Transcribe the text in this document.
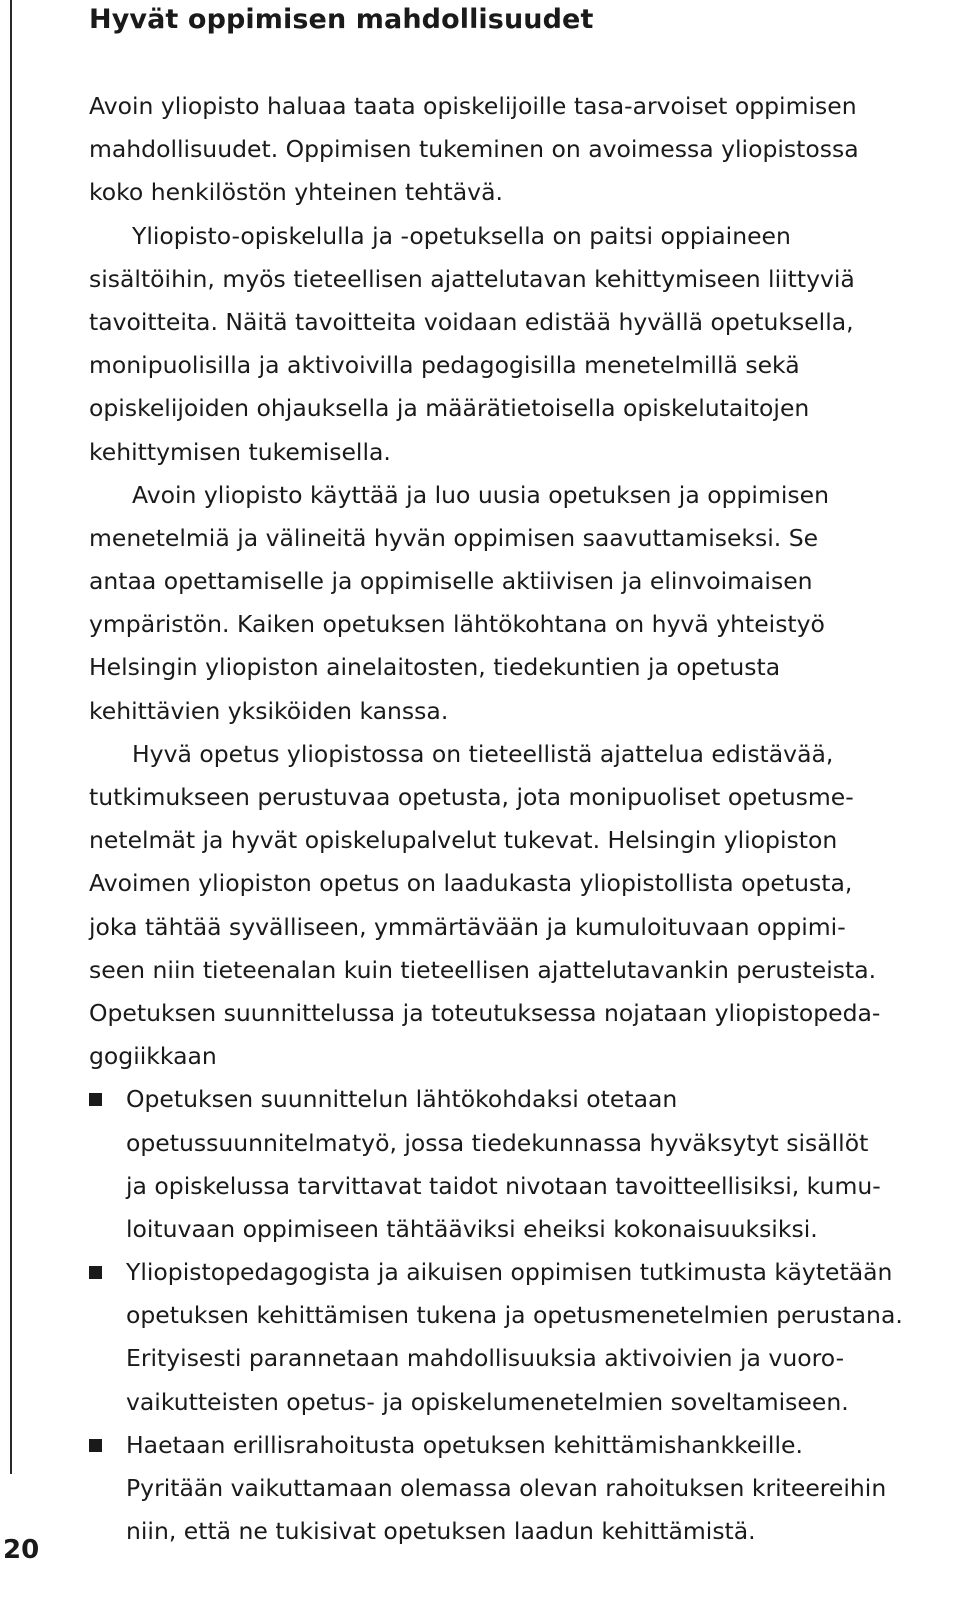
20
Hyvät oppimisen mahdollisuudet
Avoin yliopisto haluaa taata opiskelijoille tasa-arvoiset oppimisen
mahdollisuudet. Oppimisen tukeminen on avoimessa yliopistossa
koko henkilöstön yhteinen tehtävä.
Yliopisto-opiskelulla ja -opetuksella on paitsi oppiaineen
sisältöihin, myös tieteellisen ajattelutavan kehittymiseen liittyviä
tavoitteita. Näitä tavoitteita voidaan edistää hyvällä opetuksella,
monipuolisilla ja aktivoivilla pedagogisilla menetelmillä sekä
opiskelijoiden ohjauksella ja määrätietoisella opiskelutaitojen
kehittymisen tukemisella.
Avoin yliopisto käyttää ja luo uusia opetuksen ja oppimisen
menetelmiä ja välineitä hyvän oppimisen saavuttamiseksi. Se
antaa opettamiselle ja oppimiselle aktiivisen ja elinvoimaisen
ympäristön. Kaiken opetuksen lähtökohtana on hyvä yhteistyö
Helsingin yliopiston ainelaitosten, tiedekuntien ja opetusta
kehittävien yksiköiden kanssa.
Hyvä opetus yliopistossa on tieteellistä ajattelua edistävää,
tutkimukseen perustuvaa opetusta, jota monipuoliset opetusme-
netelmät ja hyvät opiskelupalvelut tukevat. Helsingin yliopiston
Avoimen yliopiston opetus on laadukasta yliopistollista opetusta,
joka tähtää syvälliseen, ymmärtävään ja kumuloituvaan oppimi-
seen niin tieteenalan kuin tieteellisen ajattelutavankin perusteista.
Opetuksen suunnittelussa ja toteutuksessa nojataan yliopistopeda-
gogiikkaan
Opetuksen suunnittelun lähtökohdaksi otetaan
opetussuunnitelmatyö, jossa tiedekunnassa hyväksytyt sisällöt
ja opiskelussa tarvittavat taidot nivotaan tavoitteellisiksi, kumu-
loituvaan oppimiseen tähtääviksi eheiksi kokonaisuuksiksi.
Yliopistopedagogista ja aikuisen oppimisen tutkimusta käytetään
opetuksen kehittämisen tukena ja opetusmenetelmien perustana.
Erityisesti parannetaan mahdollisuuksia aktivoivien ja vuoro-
vaikutteisten opetus- ja opiskelumenetelmien soveltamiseen.
Haetaan erillisrahoitusta opetuksen kehittämishankkeille.
Pyritään vaikuttamaan olemassa olevan rahoituksen kriteereihin
niin, että ne tukisivat opetuksen laadun kehittämistä.
